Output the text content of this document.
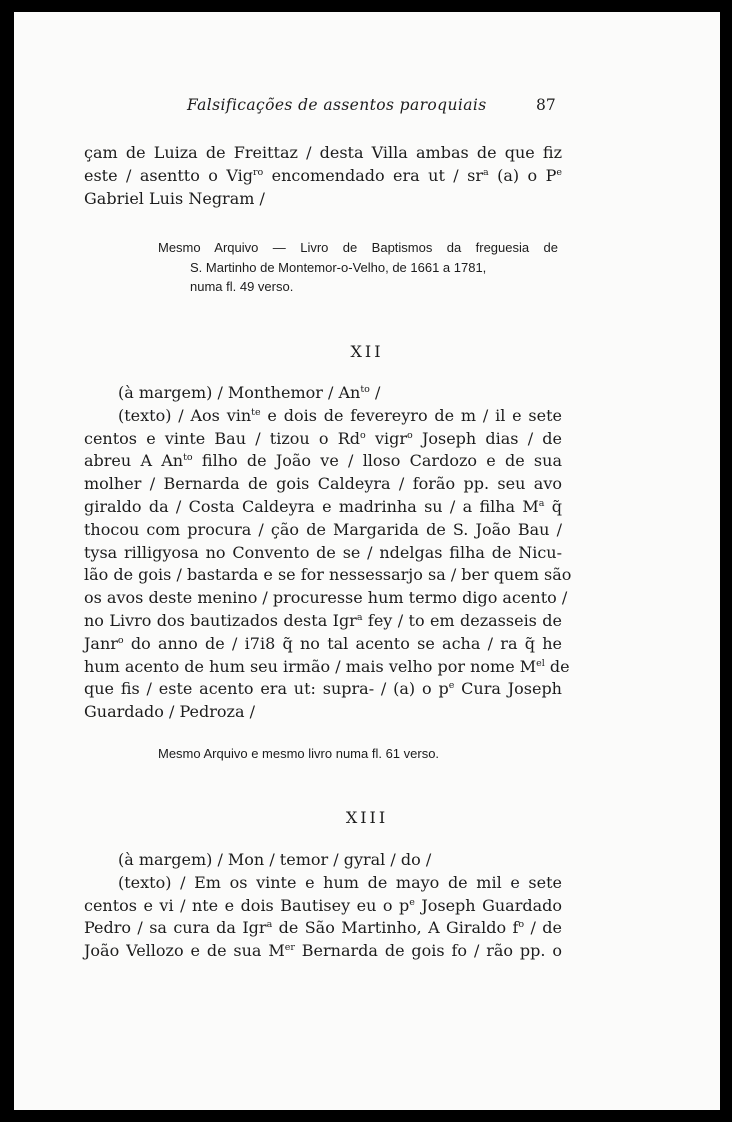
Falsificações de assentos paroquiais	87
çam de Luiza de Freittaz / desta Villa ambas de que fiz
este / asentto o Vig$^{ro}$ encomendado era ut / $sr^a$ (a) o $P^e$
Gabriel Luis Negram /
Mesmo Arquivo — Livro de Baptismos da freguesia de
S. Martinho de Montemor-o-Velho, de 1661 a 1781,
numa fl. 49 verso.
XII
(à margem) / Monthemor / $An^{to}$ /
(texto) / Aos vin$^{te}$ e dois de fevereyro de m / il e sete
centos e vinte Bau / tizou o Rd$^o$ vigr$^o$ Joseph dias / de
abreu A $An^{to}$ filho de João ve / lloso Cardozo e de sua
molher / Bernarda de gois Caldeyra / forão pp. seu avo
giraldo da / Costa Caldeyra e madrinha su / a filha $M^a$ q̃
thocou com procura / ção de Margarida de S. João Bau /
tysa rilligyosa no Convento de se / ndelgas filha de Nicu-
lão de gois / bastarda e se for nessessarjo sa / ber quem são
os avos deste menino / procuresse hum termo digo acento /
no Livro dos bautizados desta Igr$^a$ fey / to em dezasseis de
Janr$^o$ do anno de / i7i8 q̃ no tal acento se acha / ra q̃ he
hum acento de hum seu irmão / mais velho por nome $M^{el}$ de
que fis / este acento era ut: supra- / (a) o $p^e$ Cura Joseph
Guardado / Pedroza /
Mesmo Arquivo e mesmo livro numa fl. 61 verso.
XIII
(à margem) / Mon / temor / gyral / do /
(texto) / Em os vinte e hum de mayo de mil e sete
centos e vi / nte e dois Bautisey eu o $p^e$ Joseph Guardado
Pedro / sa cura da Igr$^a$ de São Martinho, A Giraldo $f^o$ / de
João Vellozo e de sua Mer Bernarda de gois fo / rão pp. o
